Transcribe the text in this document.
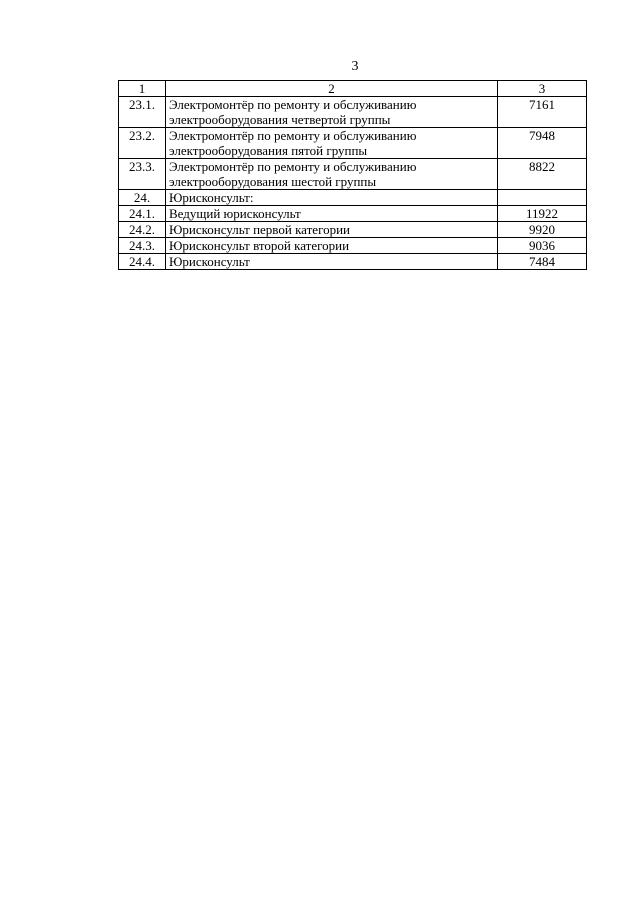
3
1	2	3
23.1.	Электромонтёр по ремонту и обслуживанию электрооборудования четвертой группы	7161
23.2.	Электромонтёр по ремонту и обслуживанию электрооборудования пятой группы	7948
23.3.	Электромонтёр по ремонту и обслуживанию электрооборудования шестой группы	8822
24.	Юрисконсульт:	
24.1.	Ведущий юрисконсульт	11922
24.2.	Юрисконсульт первой категории	9920
24.3.	Юрисконсульт второй категории	9036
24.4.	Юрисконсульт	7484
